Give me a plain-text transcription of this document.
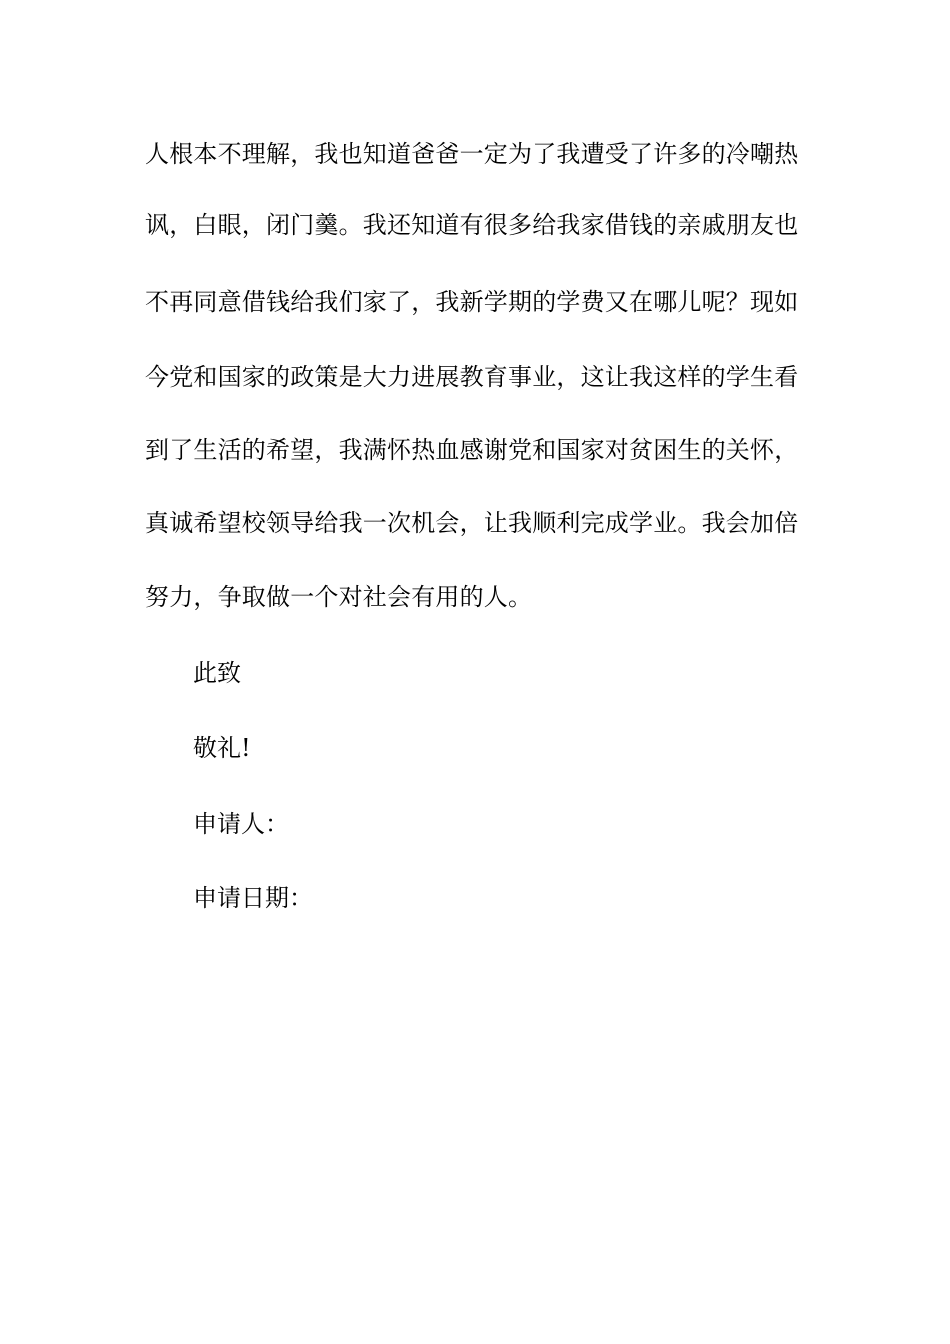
人根本不理解，我也知道爸爸一定为了我遭受了许多的冷嘲热
讽，白眼，闭门羹。我还知道有很多给我家借钱的亲戚朋友也
不再同意借钱给我们家了，我新学期的学费又在哪儿呢？现如
今党和国家的政策是大力进展教育事业，这让我这样的学生看
到了生活的希望，我满怀热血感谢党和国家对贫困生的关怀，
真诚希望校领导给我一次机会，让我顺利完成学业。我会加倍
努力，争取做一个对社会有用的人。
此致
敬礼!
申请人：
申请日期：
